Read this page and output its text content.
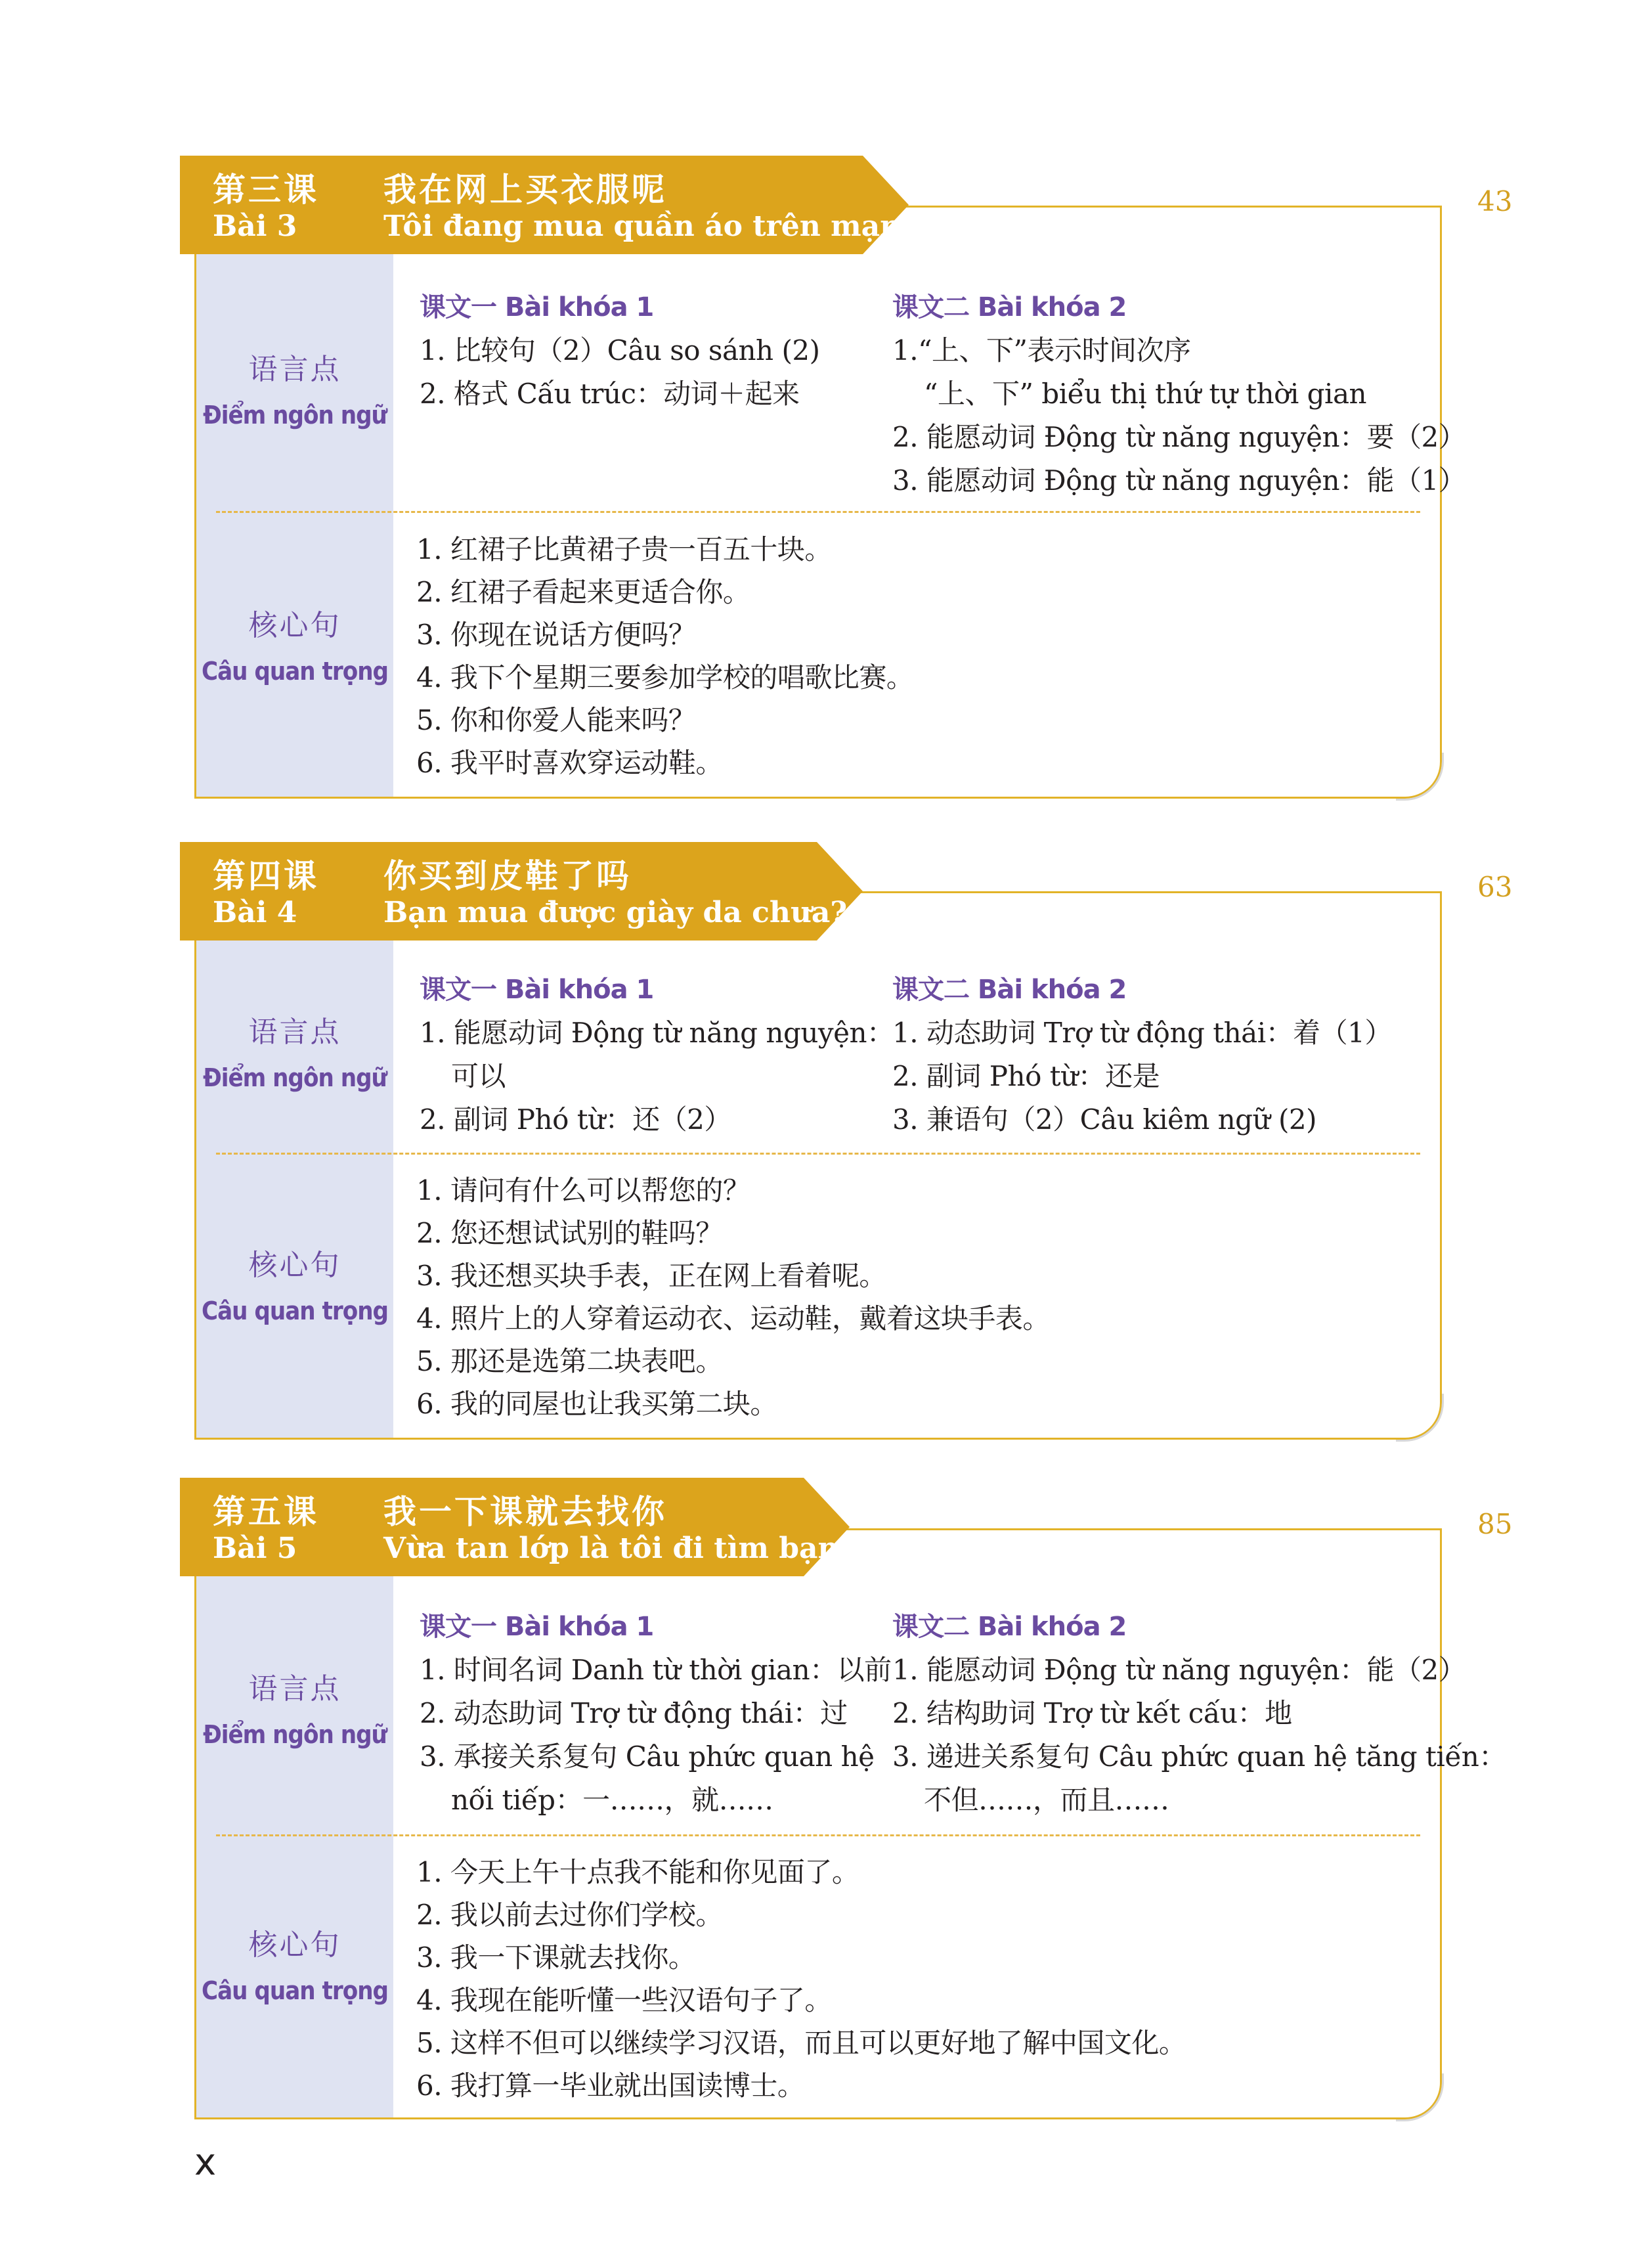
语言点
Điểm ngôn ngữ
课文一 Bài khóa 1
1. 比较句（2）Câu so sánh (2)
2. 格式 Cấu trúc：动词＋起来
课文二 Bài khóa 2
1.“上、下”表示时间次序
“上、下” biểu thị thứ tự thời gian
2. 能愿动词 Động từ năng nguyện：要（2）
3. 能愿动词 Động từ năng nguyện：能（1）
核心句
Câu quan trọng
1. 红裙子比黄裙子贵一百五十块。
2. 红裙子看起来更适合你。
3. 你现在说话方便吗？
4. 我下个星期三要参加学校的唱歌比赛。
5. 你和你爱人能来吗？
6. 我平时喜欢穿运动鞋。
第三课 我在网上买衣服呢
Bài 3	Tôi đang mua quần áo trên mạng
43
语言点
Điểm ngôn ngữ
课文一 Bài khóa 1
1. 能愿动词 Động từ năng nguyện：
可以
2. 副词 Phó từ：还（2）
课文二 Bài khóa 2
1. 动态助词 Trợ từ động thái：着（1）
2. 副词 Phó từ：还是
3. 兼语句（2）Câu kiêm ngữ (2)
核心句
Câu quan trọng
1. 请问有什么可以帮您的？
2. 您还想试试别的鞋吗？
3. 我还想买块手表，正在网上看着呢。
4. 照片上的人穿着运动衣、运动鞋，戴着这块手表。
5. 那还是选第二块表吧。
6. 我的同屋也让我买第二块。
第四课 你买到皮鞋了吗
Bài 4	Bạn mua được giày da chưa?
63
语言点
Điểm ngôn ngữ
课文一 Bài khóa 1
1. 时间名词 Danh từ thời gian：以前
2. 动态助词 Trợ từ động thái：过
3. 承接关系复句 Câu phức quan hệ
nối tiếp：一……，就……
课文二 Bài khóa 2
1. 能愿动词 Động từ năng nguyện：能（2）
2. 结构助词 Trợ từ kết cấu：地
3. 递进关系复句 Câu phức quan hệ tăng tiến：
不但……，而且……
核心句
Câu quan trọng
1. 今天上午十点我不能和你见面了。
2. 我以前去过你们学校。
3. 我一下课就去找你。
4. 我现在能听懂一些汉语句子了。
5. 这样不但可以继续学习汉语，而且可以更好地了解中国文化。
6. 我打算一毕业就出国读博士。
第五课 我一下课就去找你
Bài 5	Vừa tan lớp là tôi đi tìm bạn
85
x
